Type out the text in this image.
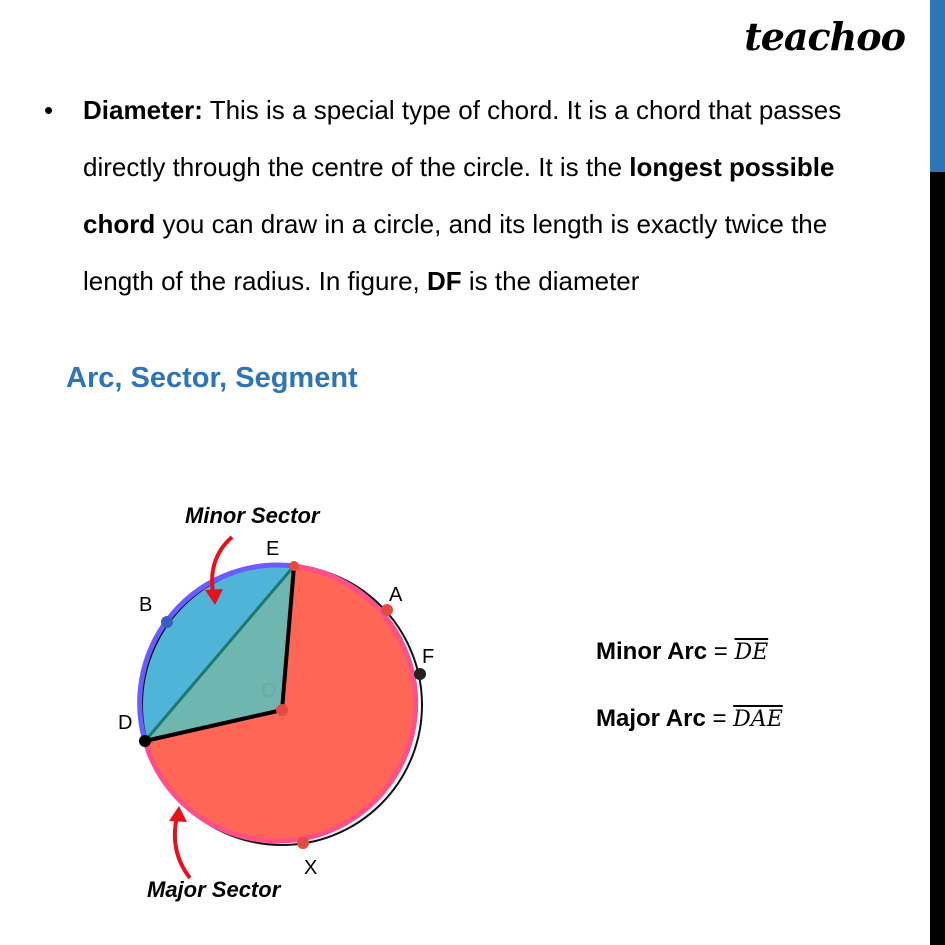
teachoo
• Diameter: This is a special type of chord. It is a chord that passes directly through the centre of the circle. It is the longest possible chord you can draw in a circle, and its length is exactly twice the length of the radius. In figure, DF is the diameter
Arc, Sector, Segment
E
A
B
F
O
D
X
Minor Sector
Major Sector
Minor Arc = $\overline{DE}$
Major Arc = $\overline{DAE}$
